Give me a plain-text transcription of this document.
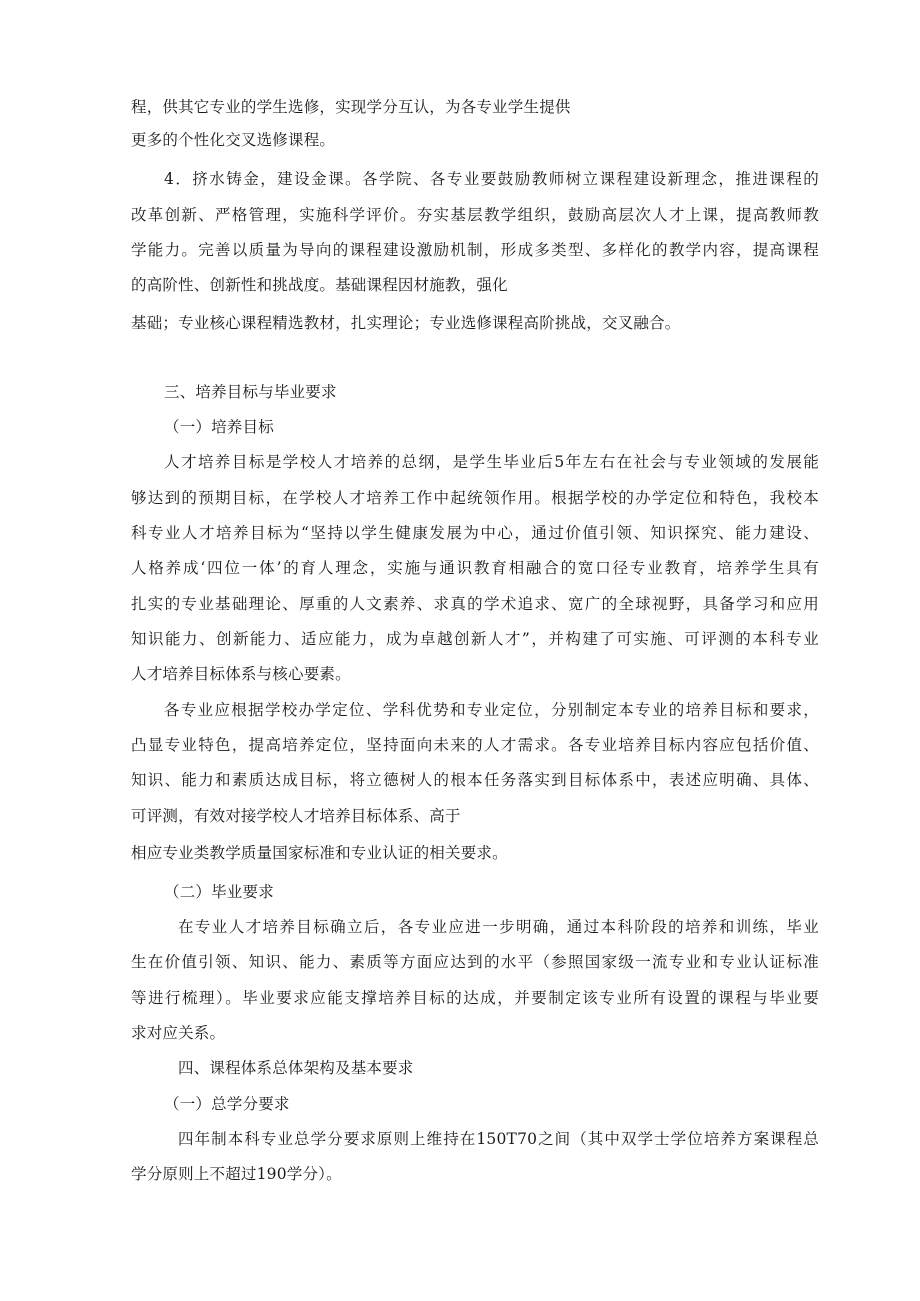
程，供其它专业的学生选修，实现学分互认，为各专业学生提供
更多的个性化交叉选修课程。
4．挤水铸金，建设金课。各学院、各专业要鼓励教师树立课程建设新理念，推进课程的
改革创新、严格管理，实施科学评价。夯实基层教学组织，鼓励高层次人才上课，提高教师教
学能力。完善以质量为导向的课程建设激励机制，形成多类型、多样化的教学内容，提高课程
的高阶性、创新性和挑战度。基础课程因材施教，强化
基础；专业核心课程精选教材，扎实理论；专业选修课程高阶挑战，交叉融合。
三、培养目标与毕业要求
（一）培养目标
人才培养目标是学校人才培养的总纲，是学生毕业后5年左右在社会与专业领域的发展能
够达到的预期目标，在学校人才培养工作中起统领作用。根据学校的办学定位和特色，我校本
科专业人才培养目标为“坚持以学生健康发展为中心，通过价值引领、知识探究、能力建设、
人格养成‘四位一体’的育人理念，实施与通识教育相融合的宽口径专业教育，培养学生具有
扎实的专业基础理论、厚重的人文素养、求真的学术追求、宽广的全球视野，具备学习和应用
知识能力、创新能力、适应能力，成为卓越创新人才”，并构建了可实施、可评测的本科专业
人才培养目标体系与核心要素。
各专业应根据学校办学定位、学科优势和专业定位，分别制定本专业的培养目标和要求，
凸显专业特色，提高培养定位，坚持面向未来的人才需求。各专业培养目标内容应包括价值、
知识、能力和素质达成目标，将立德树人的根本任务落实到目标体系中，表述应明确、具体、
可评测，有效对接学校人才培养目标体系、高于
相应专业类教学质量国家标准和专业认证的相关要求。
（二）毕业要求
在专业人才培养目标确立后，各专业应进一步明确，通过本科阶段的培养和训练，毕业
生在价值引领、知识、能力、素质等方面应达到的水平（参照国家级一流专业和专业认证标准
等进行梳理）。毕业要求应能支撑培养目标的达成，并要制定该专业所有设置的课程与毕业要
求对应关系。
四、课程体系总体架构及基本要求
（一）总学分要求
四年制本科专业总学分要求原则上维持在150T70之间（其中双学士学位培养方案课程总
学分原则上不超过190学分）。
